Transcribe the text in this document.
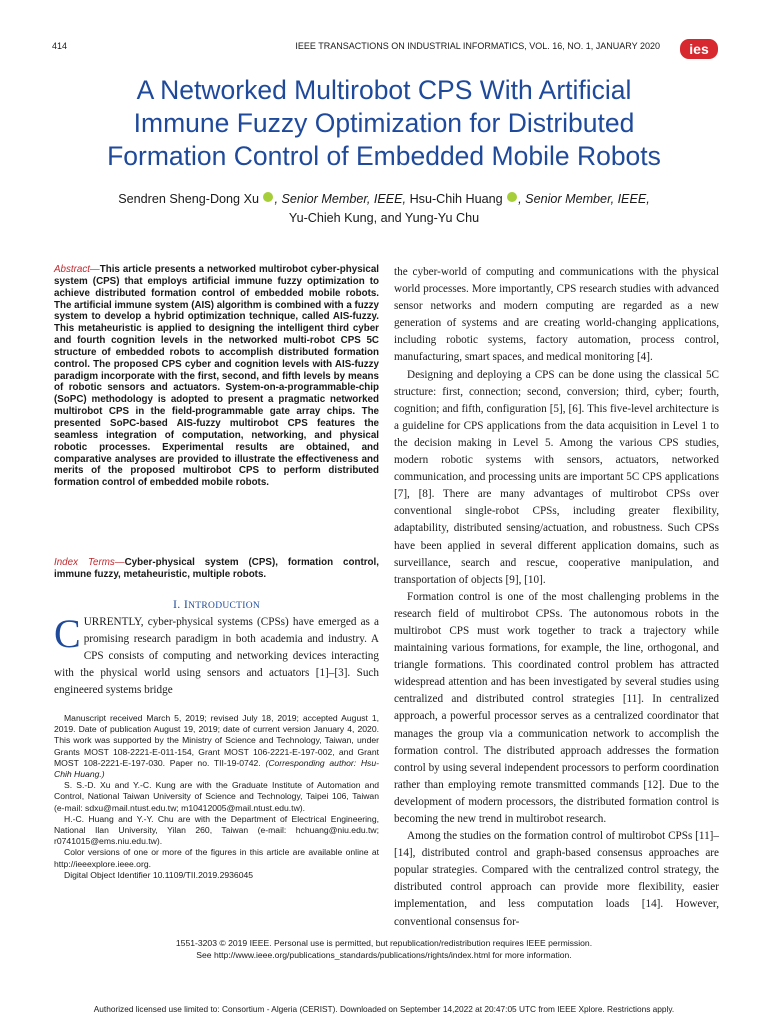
414	IEEE TRANSACTIONS ON INDUSTRIAL INFORMATICS, VOL. 16, NO. 1, JANUARY 2020 ies
A Networked Multirobot CPS With Artificial
Immune Fuzzy Optimization for Distributed
Formation Control of Embedded Mobile Robots
Sendren Sheng-Dong Xu , Senior Member, IEEE, Hsu-Chih Huang , Senior Member, IEEE,
Yu-Chieh Kung, and Yung-Yu Chu
Abstract—This article presents a networked multirobot cyber-physical system (CPS) that employs artificial immune fuzzy optimization to achieve distributed formation control of embedded mobile robots. The artificial immune system (AIS) algorithm is combined with a fuzzy system to develop a hybrid optimization technique, called AIS-fuzzy. This metaheuristic is applied to designing the intelligent third cyber and fourth cognition levels in the networked multi-robot CPS 5C structure of embedded robots to accomplish distributed formation control. The proposed CPS cyber and cognition levels with AIS-fuzzy paradigm incorporate with the first, second, and fifth levels by means of robotic sensors and actuators. System-on-a-programmable-chip (SoPC) methodology is adopted to present a pragmatic networked multirobot CPS in the field-programmable gate array chips. The presented SoPC-based AIS-fuzzy multirobot CPS features the seamless integration of computation, networking, and physical robotic processes. Experimental results are obtained, and comparative analyses are provided to illustrate the effectiveness and merits of the proposed multirobot CPS to perform distributed formation control of embedded mobile robots.
Index Terms—Cyber-physical system (CPS), formation control, immune fuzzy, metaheuristic, multiple robots.
I. INTRODUCTION
CURRENTLY, cyber-physical systems (CPSs) have emerged as a promising research paradigm in both academia and industry. A CPS consists of computing and networking devices interacting with the physical world using sensors and actuators [1]–[3]. Such engineered systems bridge
Manuscript received March 5, 2019; revised July 18, 2019; accepted August 1, 2019. Date of publication August 19, 2019; date of current version January 4, 2020. This work was supported by the Ministry of Science and Technology, Taiwan, under Grants MOST 108-2221-E-011-154, Grant MOST 106-2221-E-197-002, and Grant MOST 108-2221-E-197-030. Paper no. TII-19-0742. (Corresponding author: Hsu-Chih Huang.)
S. S.-D. Xu and Y.-C. Kung are with the Graduate Institute of Automation and Control, National Taiwan University of Science and Technology, Taipei 106, Taiwan (e-mail: sdxu@mail.ntust.edu.tw; m10412005@mail.ntust.edu.tw).
H.-C. Huang and Y.-Y. Chu are with the Department of Electrical Engineering, National Ilan University, Yilan 260, Taiwan (e-mail: hchuang@niu.edu.tw; r0741015@ems.niu.edu.tw).
Color versions of one or more of the figures in this article are available online at http://ieeexplore.ieee.org.
Digital Object Identifier 10.1109/TII.2019.2936045
the cyber-world of computing and communications with the physical world processes. More importantly, CPS research studies with advanced sensor networks and modern computing are regarded as a new generation of systems and are creating world-changing applications, including robotic systems, factory automation, process control, manufacturing, smart spaces, and medical monitoring [4].
Designing and deploying a CPS can be done using the classical 5C structure: first, connection; second, conversion; third, cyber; fourth, cognition; and fifth, configuration [5], [6]. This five-level architecture is a guideline for CPS applications from the data acquisition in Level 1 to the decision making in Level 5. Among the various CPS studies, modern robotic systems with sensors, actuators, networked communication, and processing units are important 5C CPS applications [7], [8]. There are many advantages of multirobot CPSs over conventional single-robot CPSs, including greater flexibility, adaptability, distributed sensing/actuation, and robustness. Such CPSs have been applied in several different application domains, such as surveillance, search and rescue, cooperative manipulation, and transportation of objects [9], [10].
Formation control is one of the most challenging problems in the research field of multirobot CPSs. The autonomous robots in the multirobot CPS must work together to track a trajectory while maintaining various formations, for example, the line, orthogonal, and triangle formations. This coordinated control problem has attracted widespread attention and has been investigated by several studies using centralized and distributed control strategies [11]. In centralized approach, a powerful processor serves as a centralized coordinator that manages the group via a communication network to accomplish the formation control. The distributed approach addresses the formation control by using several independent processors to perform coordination rather than employing remote transmitted commands [12]. Due to the development of modern processors, the distributed formation control is becoming the new trend in multirobot research.
Among the studies on the formation control of multirobot CPSs [11]–[14], distributed control and graph-based consensus approaches are popular strategies. Compared with the centralized control strategy, the distributed control approach can provide more flexibility, easier implementation, and less computation loads [14]. However, conventional consensus for-
1551-3203 © 2019 IEEE. Personal use is permitted, but republication/redistribution requires IEEE permission.
See http://www.ieee.org/publications_standards/publications/rights/index.html for more information.
Authorized licensed use limited to: Consortium - Algeria (CERIST). Downloaded on September 14,2022 at 20:47:05 UTC from IEEE Xplore. Restrictions apply.
